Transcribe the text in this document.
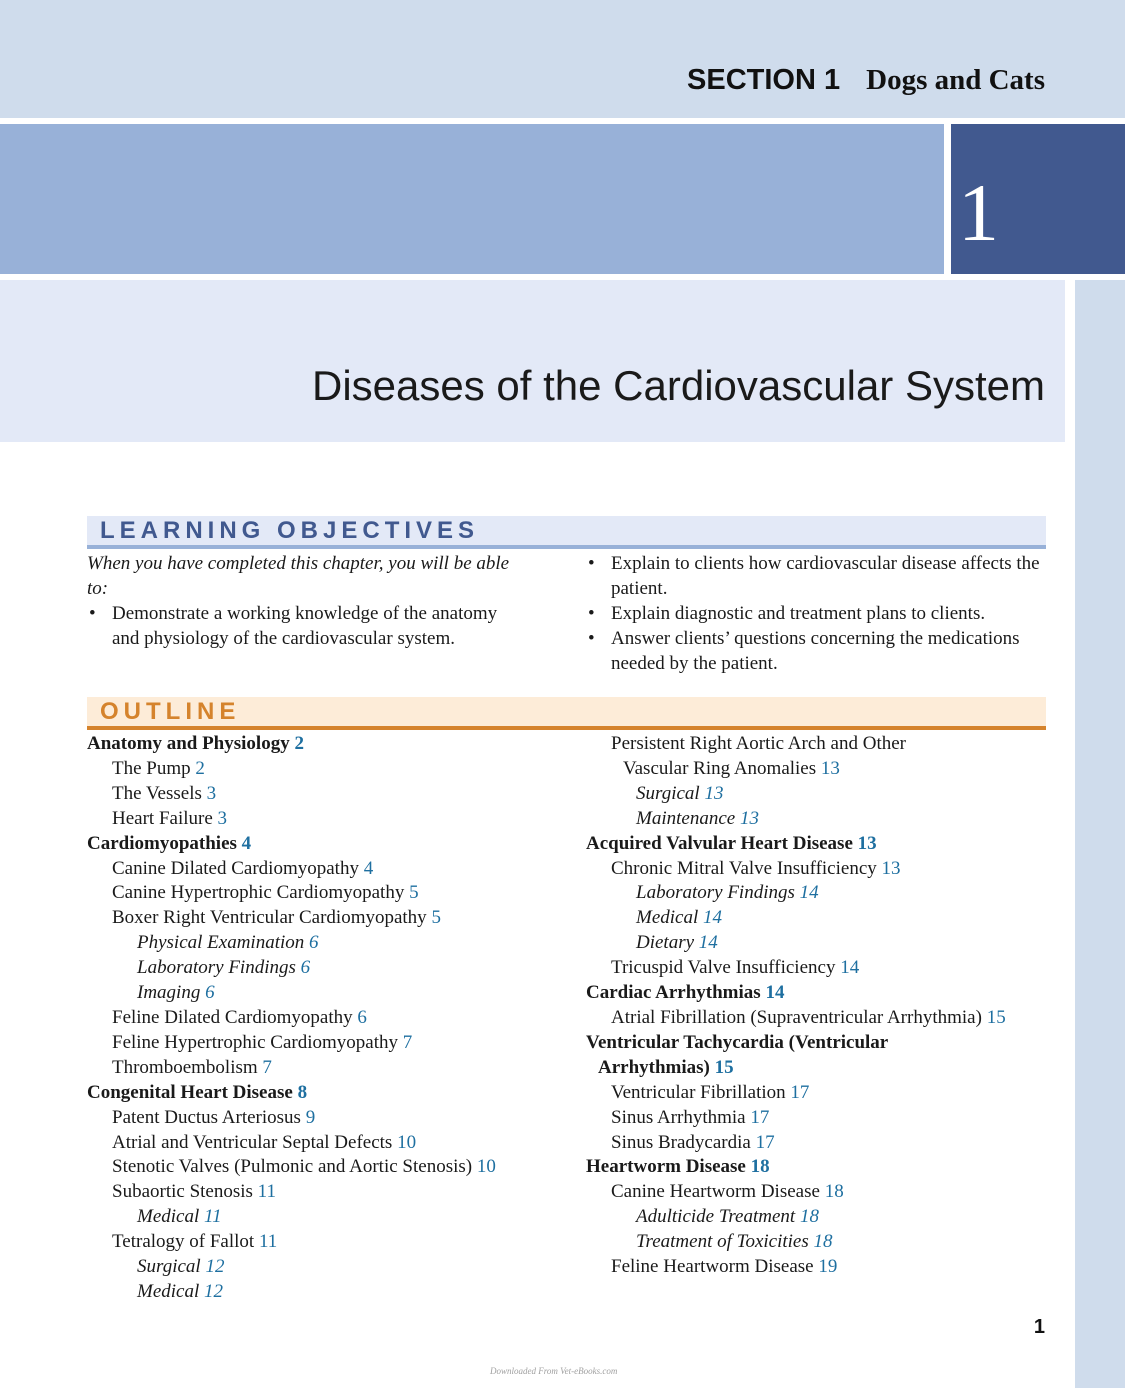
SECTION 1 Dogs and Cats
1
Diseases of the Cardiovascular System
LEARNING OBJECTIVES
When you have completed this chapter, you will be able to:
• Demonstrate a working knowledge of the anatomy and physiology of the cardiovascular system.
• Explain to clients how cardiovascular disease affects the patient.
• Explain diagnostic and treatment plans to clients.
• Answer clients’ questions concerning the medications needed by the patient.
OUTLINE
Anatomy and Physiology 2
The Pump 2
The Vessels 3
Heart Failure 3
Cardiomyopathies 4
Canine Dilated Cardiomyopathy 4
Canine Hypertrophic Cardiomyopathy 5
Boxer Right Ventricular Cardiomyopathy 5
Physical Examination 6
Laboratory Findings 6
Imaging 6
Feline Dilated Cardiomyopathy 6
Feline Hypertrophic Cardiomyopathy 7
Thromboembolism 7
Congenital Heart Disease 8
Patent Ductus Arteriosus 9
Atrial and Ventricular Septal Defects 10
Stenotic Valves (Pulmonic and Aortic Stenosis) 10
Subaortic Stenosis 11
Medical 11
Tetralogy of Fallot 11
Surgical 12
Medical 12
Persistent Right Aortic Arch and Other
Vascular Ring Anomalies 13
Surgical 13
Maintenance 13
Acquired Valvular Heart Disease 13
Chronic Mitral Valve Insufficiency 13
Laboratory Findings 14
Medical 14
Dietary 14
Tricuspid Valve Insufficiency 14
Cardiac Arrhythmias 14
Atrial Fibrillation (Supraventricular Arrhythmia) 15
Ventricular Tachycardia (Ventricular
Arrhythmias) 15
Ventricular Fibrillation 17
Sinus Arrhythmia 17
Sinus Bradycardia 17
Heartworm Disease 18
Canine Heartworm Disease 18
Adulticide Treatment 18
Treatment of Toxicities 18
Feline Heartworm Disease 19
1
Downloaded From Vet-eBooks.com
